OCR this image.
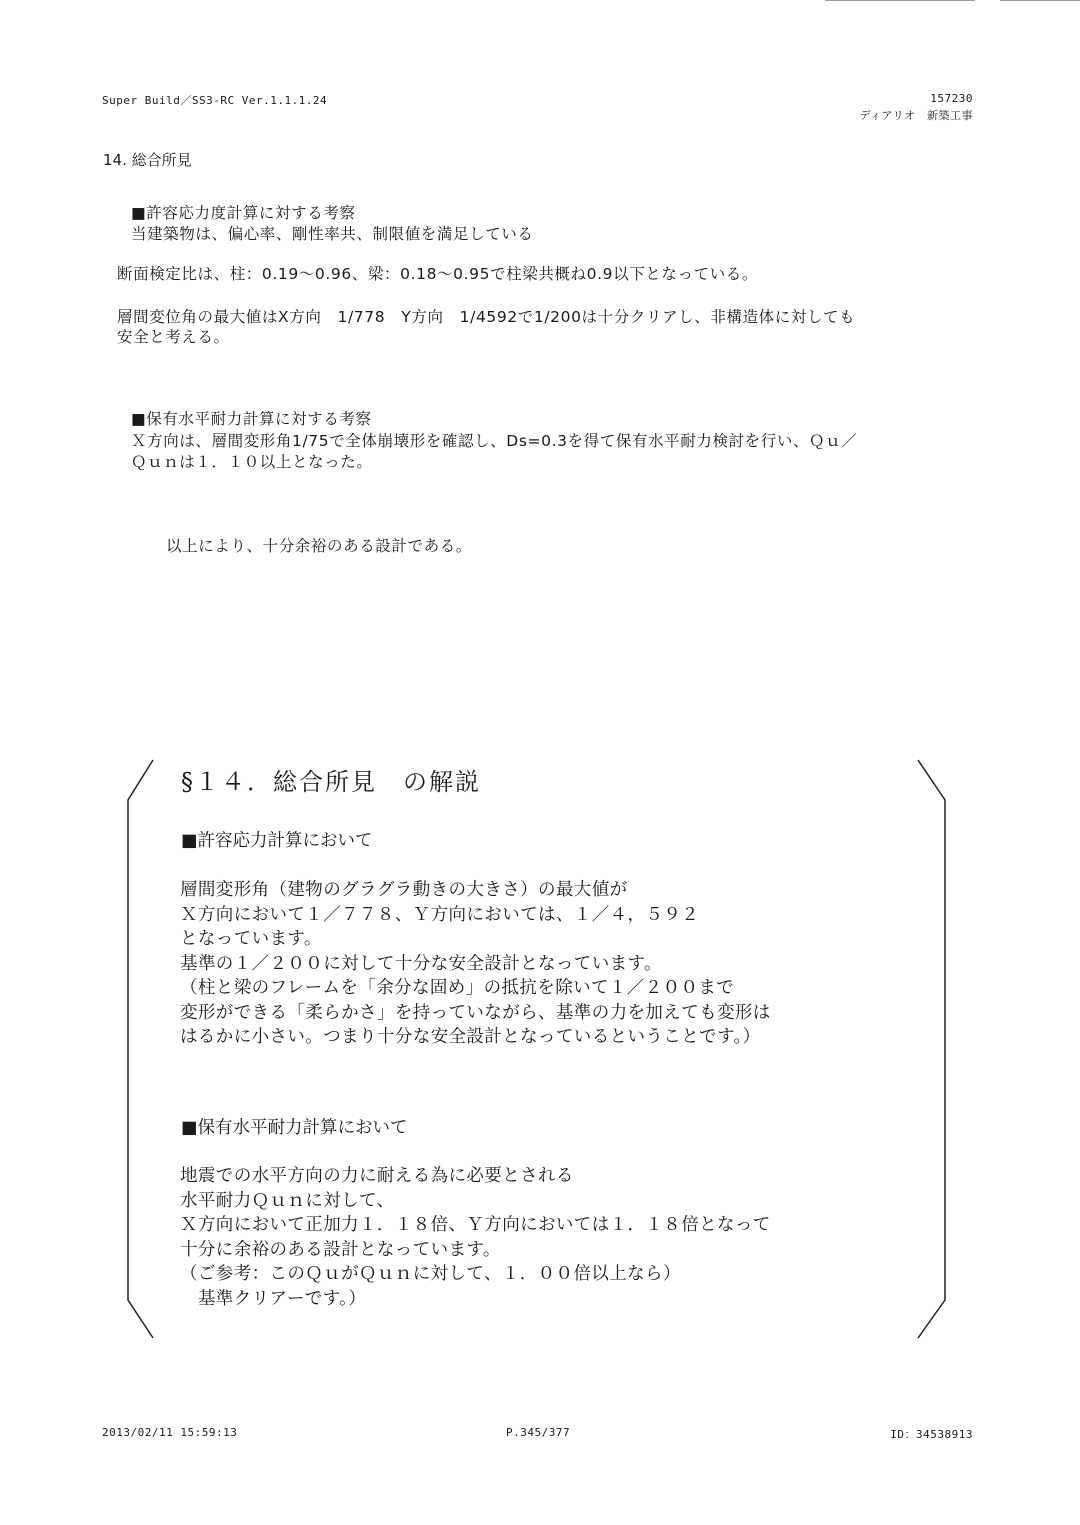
Super Build／SS3-RC Ver.1.1.1.24	157230
ディアリオ　新築工事
14. 総合所見
■許容応力度計算に対する考察
当建築物は、偏心率、剛性率共、制限値を満足している
断面検定比は、柱：0.19～0.96、梁：0.18～0.95で柱梁共概ね0.9以下となっている。
層間変位角の最大値はX方向　1/778　Y方向　1/4592で1/200は十分クリアし、非構造体に対しても
安全と考える。
■保有水平耐力計算に対する考察
Ｘ方向は、層間変形角1/75で全体崩壊形を確認し、Ds=0.3を得て保有水平耐力検討を行い、Ｑｕ／
Ｑｕｎは１．１０以上となった。
以上により、十分余裕のある設計である。
§１４．総合所見　の解説
■許容応力計算において
層間変形角（建物のグラグラ動きの大きさ）の最大値が
Ｘ方向において１／７７８、Ｙ方向においては、１／４，５９２
となっています。
基準の１／２００に対して十分な安全設計となっています。
（柱と梁のフレームを「余分な固め」の抵抗を除いて１／２００まで
変形ができる「柔らかさ」を持っていながら、基準の力を加えても変形は
はるかに小さい。つまり十分な安全設計となっているということです。）
■保有水平耐力計算において
地震での水平方向の力に耐える為に必要とされる
水平耐力Ｑｕｎに対して、
Ｘ方向において正加力１．１８倍、Ｙ方向においては１．１８倍となって
十分に余裕のある設計となっています。
（ご参考：このＱｕがＱｕｎに対して、１．００倍以上なら）
　基準クリアーです。）
2013/02/11 15:59:13	P.345/377	ID：34538913
